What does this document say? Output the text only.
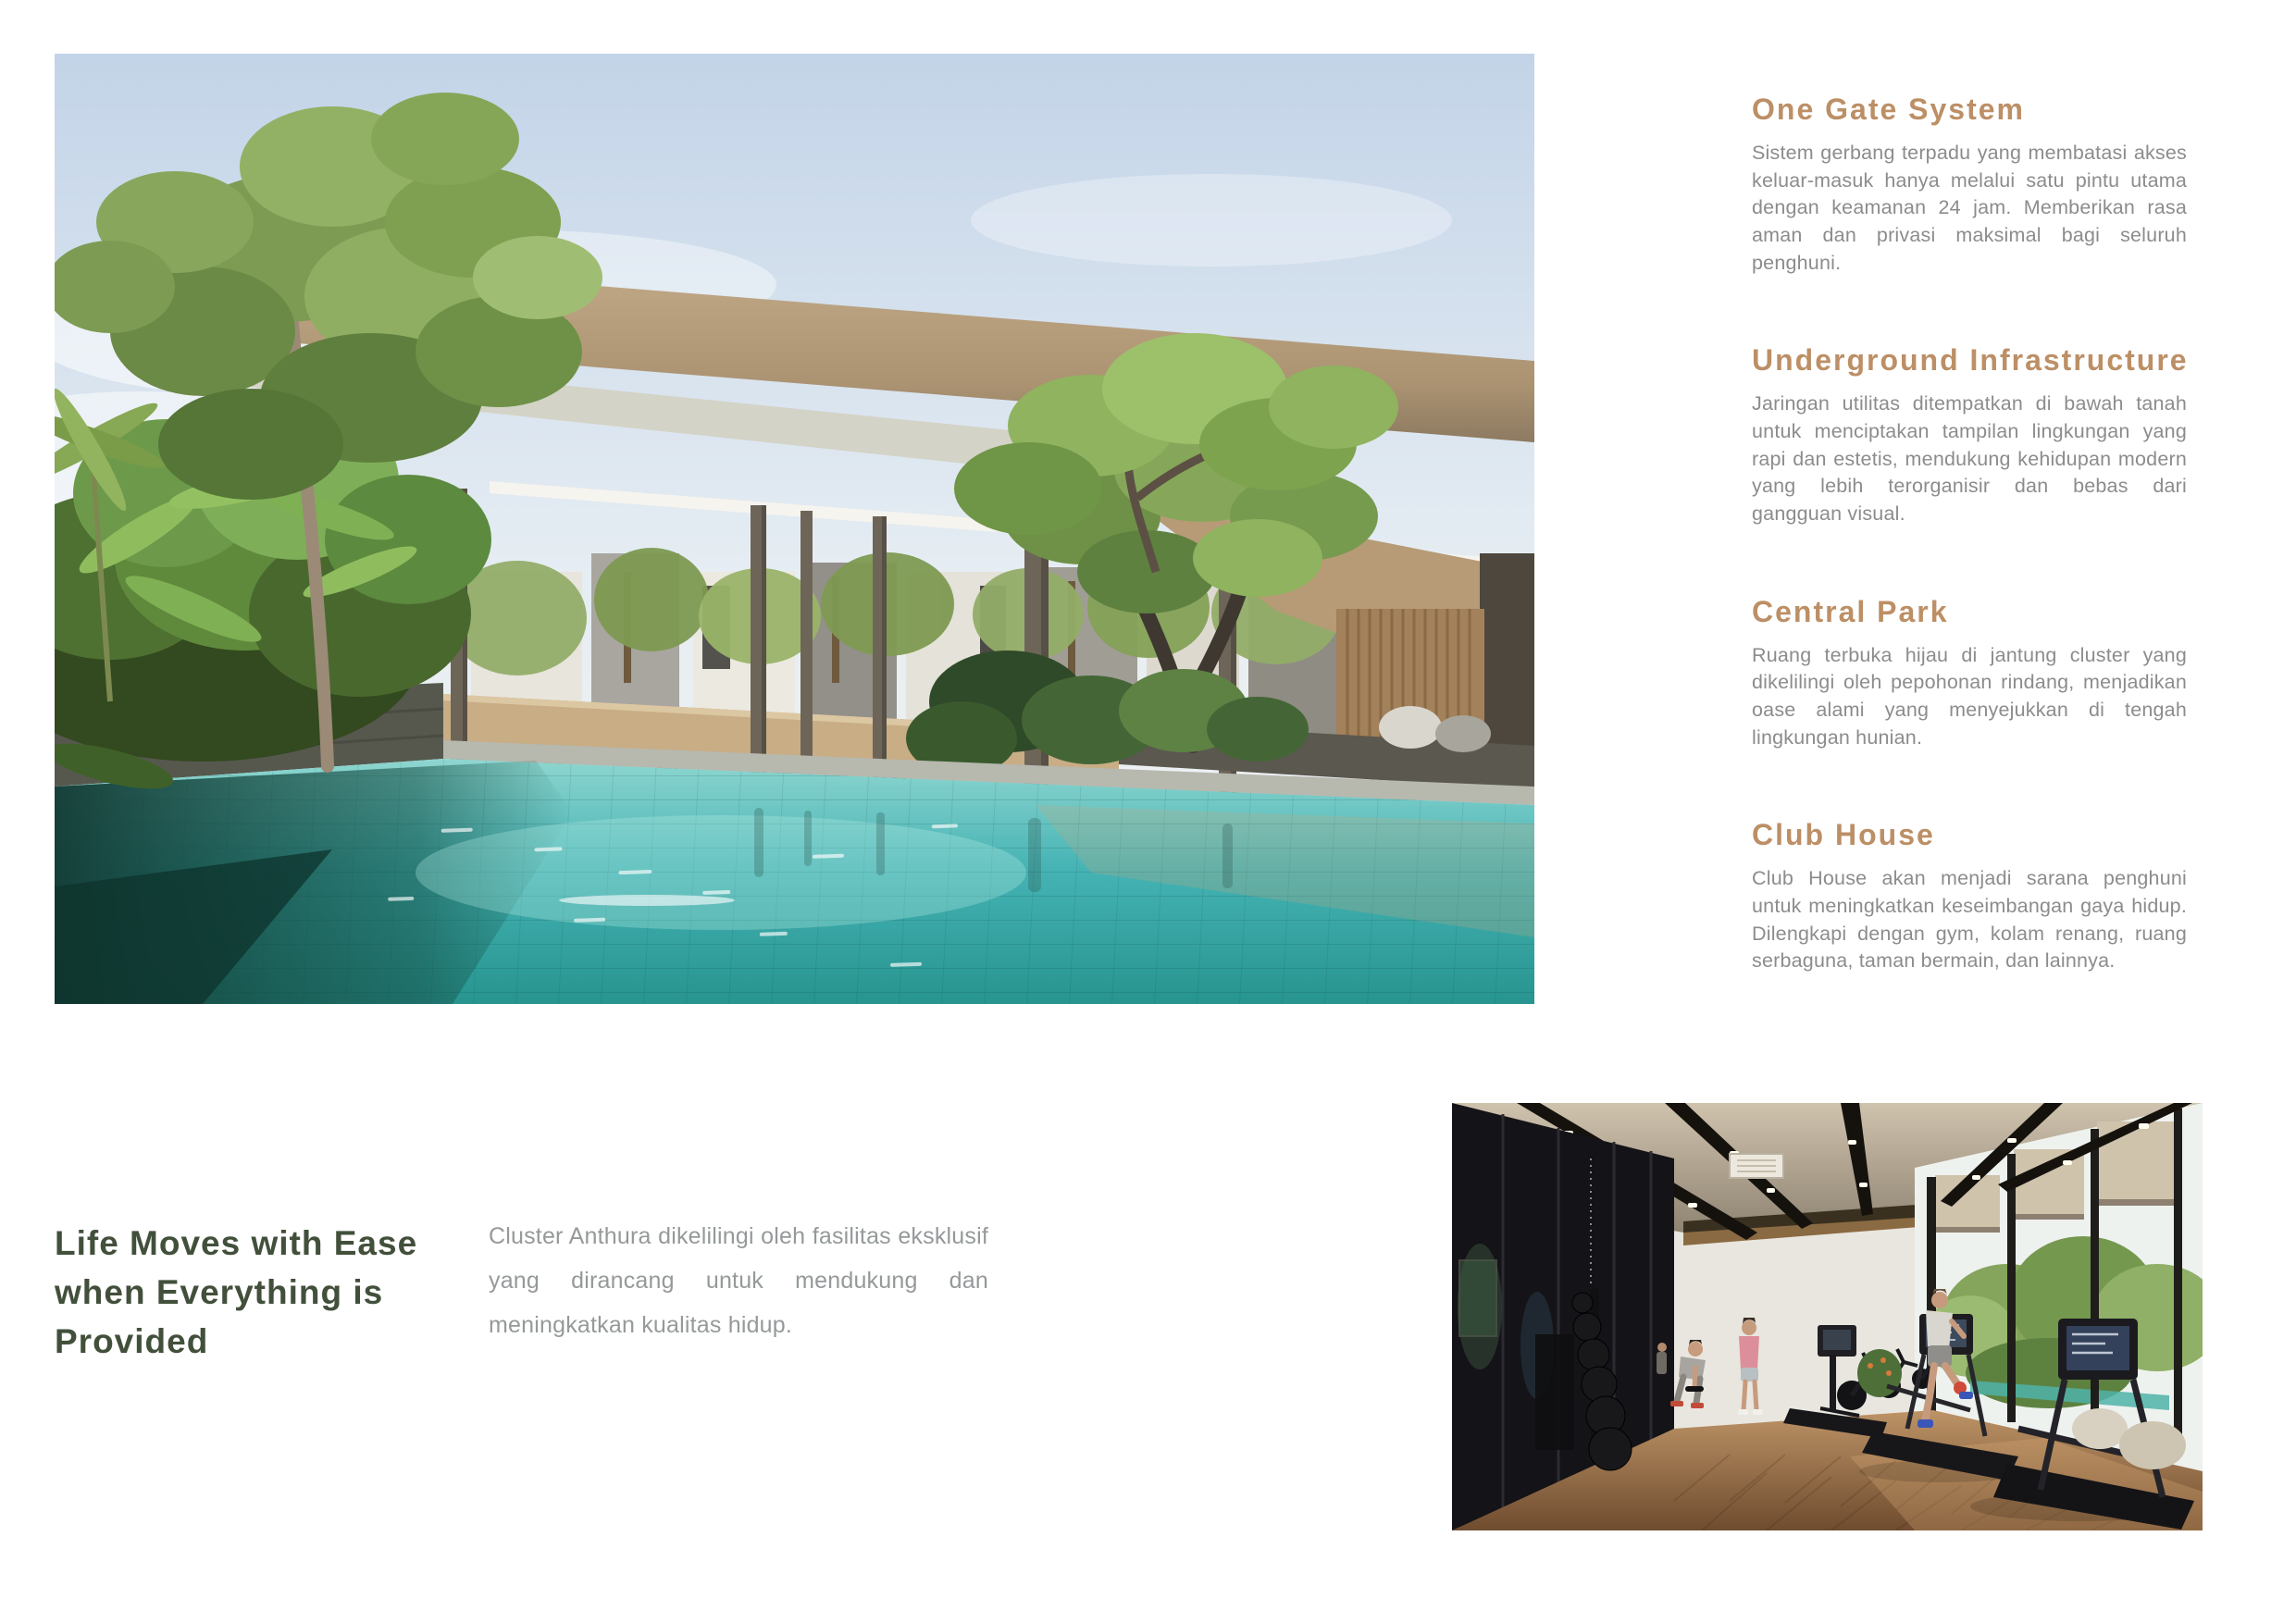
One Gate System

Sistem gerbang terpadu yang membatasi akses keluar-masuk hanya melalui satu pintu utama dengan keamanan 24 jam. Memberikan rasa aman dan privasi maksimal bagi seluruh penghuni.

Underground Infrastructure

Jaringan utilitas ditempatkan di bawah tanah untuk menciptakan tampilan lingkungan yang rapi dan estetis, mendukung kehidupan modern yang lebih terorganisir dan bebas dari gangguan visual.

Central Park

Ruang terbuka hijau di jantung cluster yang dikelilingi oleh pepohonan rindang, menjadikan oase alami yang menyejukkan di tengah lingkungan hunian.

Club House

Club House akan menjadi sarana penghuni untuk meningkatkan keseimbangan gaya hidup. Dilengkapi dengan gym, kolam renang, ruang serbaguna, taman bermain, dan lainnya.

Life Moves with Ease when Everything is Provided

Cluster Anthura dikelilingi oleh fasilitas eksklusif yang dirancang untuk mendukung dan meningkatkan kualitas hidup.
